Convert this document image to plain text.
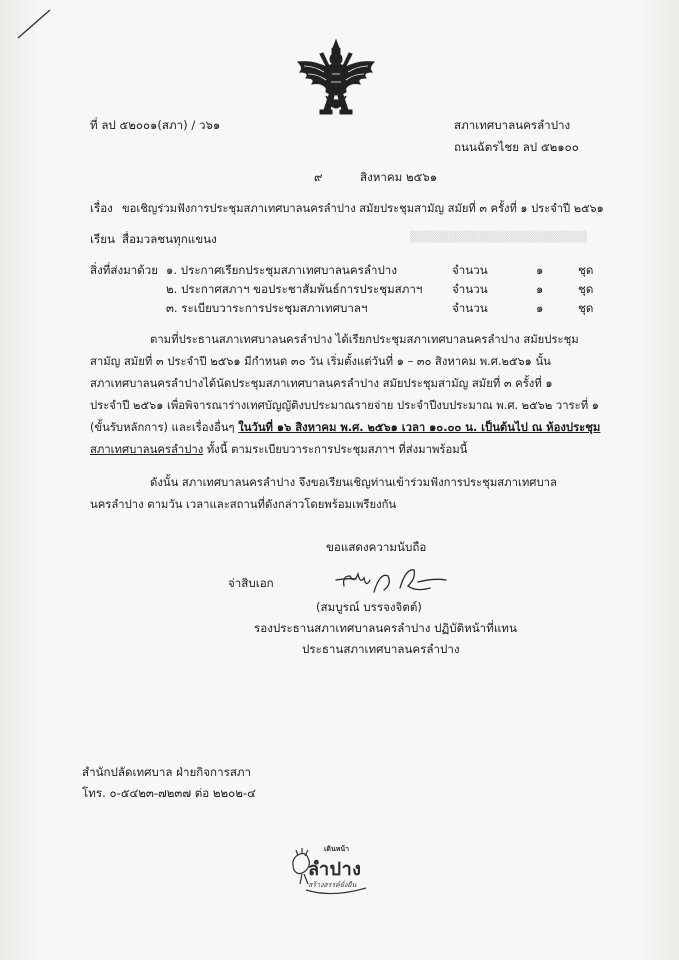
▒▒▒▒▒▒▒▒▒▒▒▒▒▒▒▒▒▒▒▒▒▒▒
ที่ ลป ๕๒๐๐๑(สภา) / ว๖๑	สภาเทศบาลนครลำปาง
ถนนฉัตรไชย ลป ๕๒๑๐๐
๙	สิงหาคม ๒๕๖๑
เรื่อง ขอเชิญร่วมฟังการประชุมสภาเทศบาลนครลำปาง สมัยประชุมสามัญ สมัยที่ ๓ ครั้งที่ ๑ ประจำปี ๒๕๖๑
เรียน สื่อมวลชนทุกแขนง
สิ่งที่ส่งมาด้วย ๑. ประกาศเรียกประชุมสภาเทศบาลนครลำปาง	จำนวน	๑	ชุด
๒. ประกาศสภาฯ ขอประชาสัมพันธ์การประชุมสภาฯ	จำนวน	๑	ชุด
๓. ระเบียบวาระการประชุมสภาเทศบาลฯ	จำนวน	๑	ชุด
ตามที่ประธานสภาเทศบาลนครลำปาง ได้เรียกประชุมสภาเทศบาลนครลำปาง สมัยประชุม
สามัญ สมัยที่ ๓ ประจำปี ๒๕๖๑ มีกำหนด ๓๐ วัน เริ่มตั้งแต่วันที่ ๑ – ๓๐ สิงหาคม พ.ศ.๒๕๖๑ นั้น
สภาเทศบาลนครลำปางได้นัดประชุมสภาเทศบาลนครลำปาง สมัยประชุมสามัญ สมัยที่ ๓ ครั้งที่ ๑
ประจำปี ๒๕๖๑ เพื่อพิจารณาร่างเทศบัญญัติงบประมาณรายจ่าย ประจำปีงบประมาณ พ.ศ. ๒๕๖๒ วาระที่ ๑
(ขั้นรับหลักการ) และเรื่องอื่นๆ ในวันที่ ๑๖ สิงหาคม พ.ศ. ๒๕๖๑ เวลา ๑๐.๐๐ น. เป็นต้นไป ณ ห้องประชุม
สภาเทศบาลนครลำปาง ทั้งนี้ ตามระเบียบวาระการประชุมสภาฯ ที่ส่งมาพร้อมนี้
ดังนั้น สภาเทศบาลนครลำปาง จึงขอเรียนเชิญท่านเข้าร่วมฟังการประชุมสภาเทศบาล
นครลำปาง ตามวัน เวลาและสถานที่ดังกล่าวโดยพร้อมเพรียงกัน
ขอแสดงความนับถือ
จ่าสิบเอก
(สมบูรณ์ บรรจงจิตต์)
รองประธานสภาเทศบาลนครลำปาง ปฏิบัติหน้าที่แทน
ประธานสภาเทศบาลนครลำปาง
สำนักปลัดเทศบาล ฝ่ายกิจการสภา
โทร. ๐-๕๔๒๓-๗๒๓๗ ต่อ ๒๒๐๒-๔
เดินหน้า
ลำปาง
สร้างสรรค์ยั่งยืน
